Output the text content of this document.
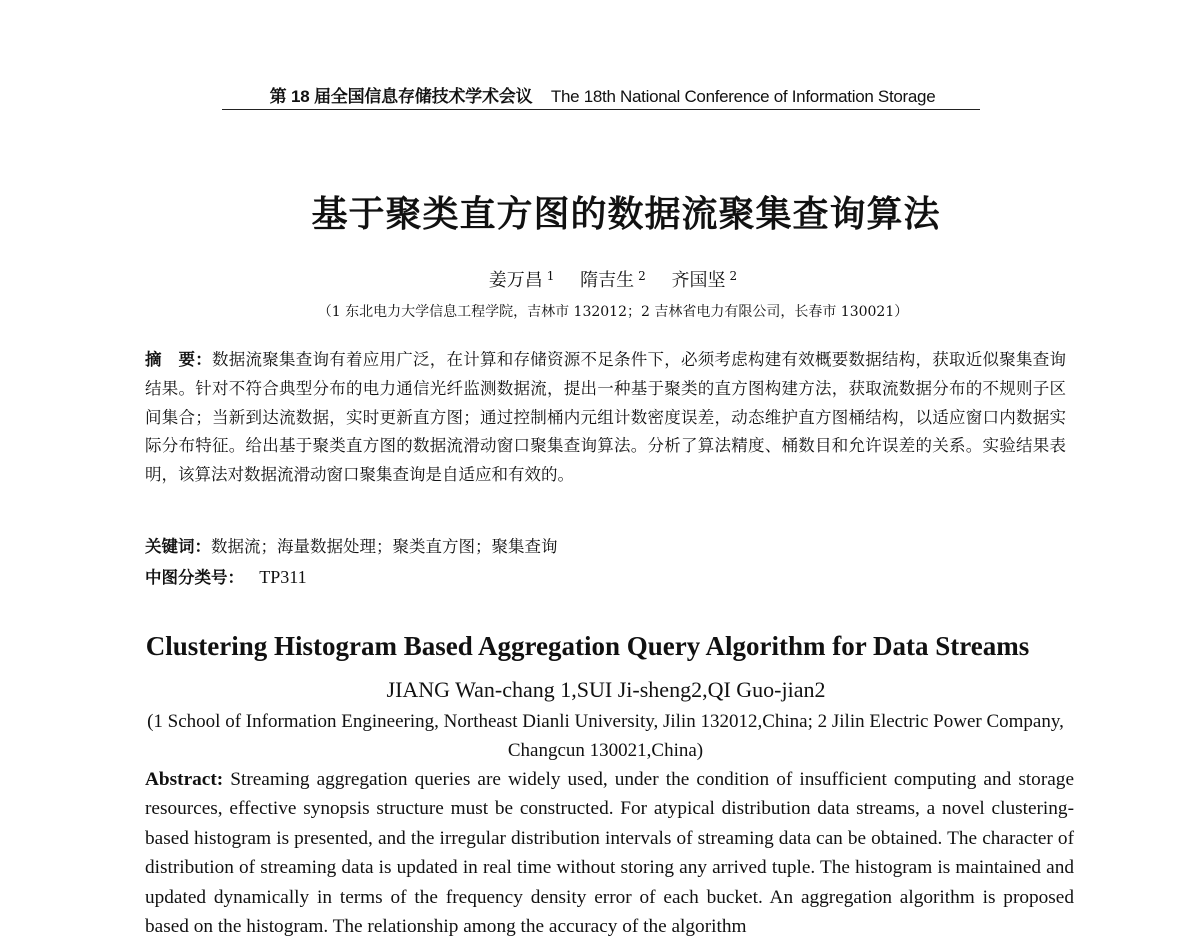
第 18 届全国信息存储技术学术会议 The 18th National Conference of Information Storage
基于聚类直方图的数据流聚集查询算法
姜万昌 $^1$ 隋吉生 $^2$ 齐国坚 $^2$
（1 东北电力大学信息工程学院，吉林市 132012；2 吉林省电力有限公司，长春市 130021）
摘　要：数据流聚集查询有着应用广泛，在计算和存储资源不足条件下，必须考虑构建有效概要数据结构，获取近似聚集查询结果。针对不符合典型分布的电力通信光纤监测数据流，提出一种基于聚类的直方图构建方法，获取流数据分布的不规则子区间集合；当新到达流数据，实时更新直方图；通过控制桶内元组计数密度误差，动态维护直方图桶结构，以适应窗口内数据实际分布特征。给出基于聚类直方图的数据流滑动窗口聚集查询算法。分析了算法精度、桶数目和允许误差的关系。实验结果表明，该算法对数据流滑动窗口聚集查询是自适应和有效的。
关键词：数据流；海量数据处理；聚类直方图；聚集查询
中图分类号： TP311
Clustering Histogram Based Aggregation Query Algorithm for Data Streams
JIANG Wan-chang 1,SUI Ji-sheng2,QI Guo-jian2
(1 School of Information Engineering, Northeast Dianli University, Jilin 132012,China; 2 Jilin Electric Power Company, Changcun 130021,China)
Abstract: Streaming aggregation queries are widely used, under the condition of insufficient computing and storage resources, effective synopsis structure must be constructed. For atypical distribution data streams, a novel clustering-based histogram is presented, and the irregular distribution intervals of streaming data can be obtained. The character of distribution of streaming data is updated in real time without storing any arrived tuple. The histogram is maintained and updated dynamically in terms of the frequency density error of each bucket. An aggregation algorithm is proposed based on the histogram. The relationship among the accuracy of the algorithm
